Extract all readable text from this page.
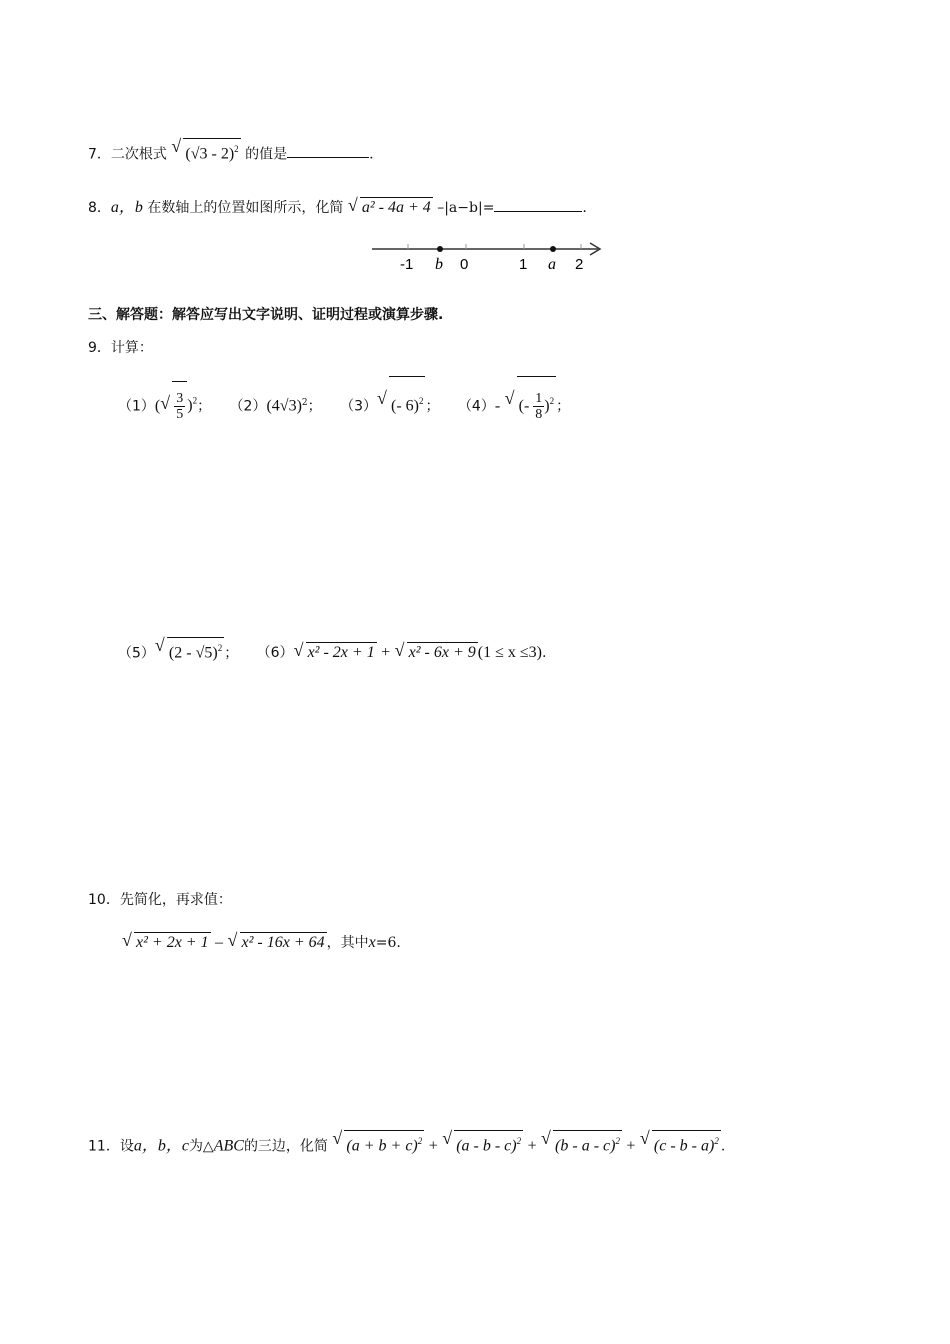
7．二次根式 √ (√3 - 2)$^2$ 的值是	.
8．a，b 在数轴上的位置如图所示，化简 √ a² - 4a + 4 –|a−b|=	.
-1 b 0	1 a 2
三、解答题：解答应写出文字说明、证明过程或演算步骤.
9．计算：
（1）( √ $\frac{3}{5} )^2$； $(2)(4√3)^2$； （3） √ (- 6)$^2$ ； （4）- √ (- $\frac{1}{8} )^2$ ；
（5） √ (2 - √5)$^2$ ； （6） √ x² - 2x + 1 + √ x² - 6x + 9 (1 ≤ x ≤3).
10．先简化，再求值：
√ x² + 2x + 1 – √ x² - 16x + 64 ，其中x=6.
11．设a，b，c为△ABC的三边，化简 √ $(a + b + c)^2$ + √ (a - b - c)$^2$ + √ (b - a - c)$^2$ + √ (c - b - a)$^2$ .
